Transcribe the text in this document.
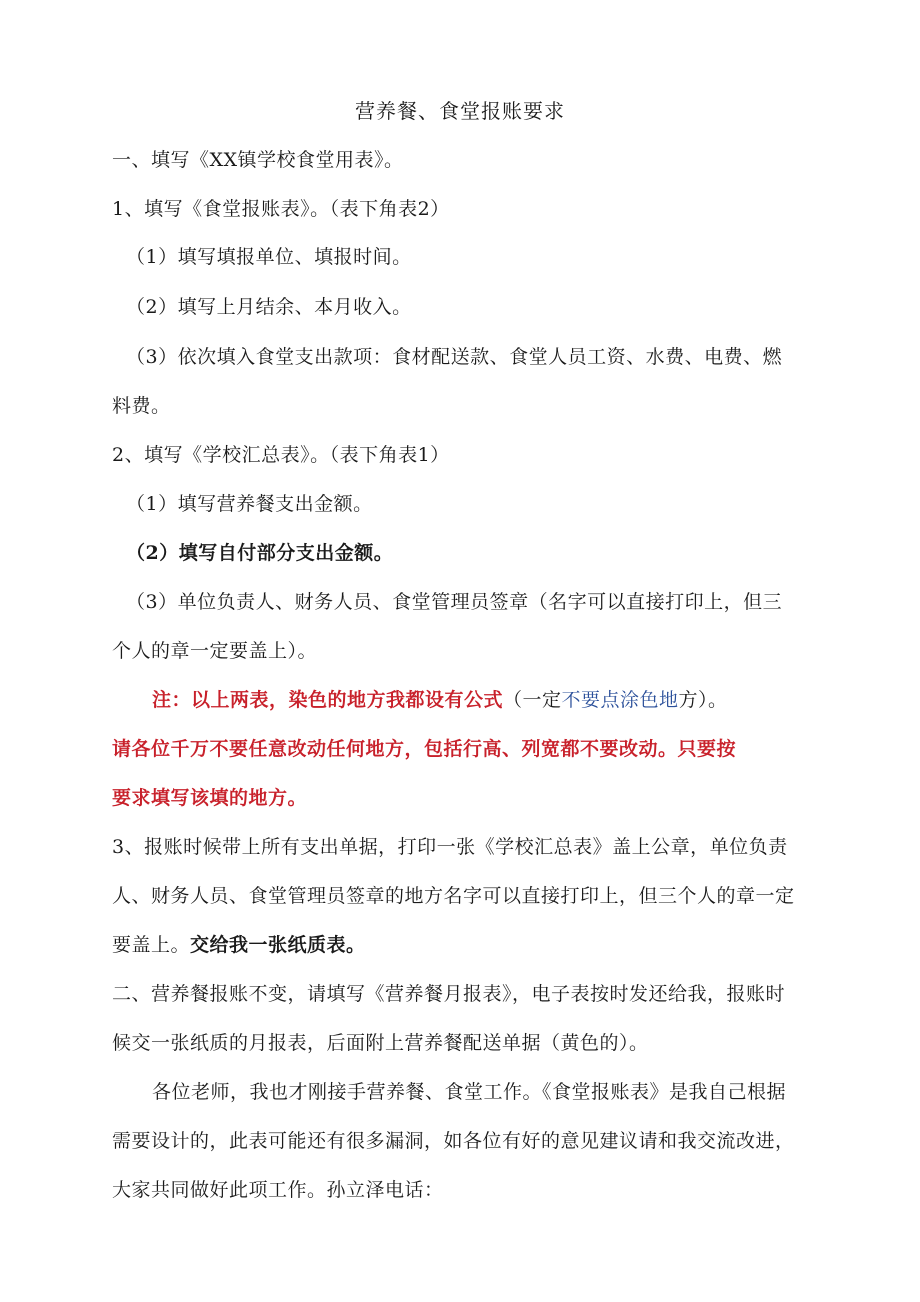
营养餐、食堂报账要求
一、填写《XX镇学校食堂用表》。
1、填写《食堂报账表》。（表下角表2）
（1）填写填报单位、填报时间。
（2）填写上月结余、本月收入。
（3）依次填入食堂支出款项：食材配送款、食堂人员工资、水费、电费、燃
料费。
2、填写《学校汇总表》。（表下角表1）
（1）填写营养餐支出金额。
（2）填写自付部分支出金额。
（3）单位负责人、财务人员、食堂管理员签章（名字可以直接打印上，但三
个人的章一定要盖上）。
注：以上两表，染色的地方我都设有公式（一定不要点涂色地方）。
请各位千万不要任意改动任何地方，包括行高、列宽都不要改动。只要按
要求填写该填的地方。
3、报账时候带上所有支出单据，打印一张《学校汇总表》盖上公章，单位负责
人、财务人员、食堂管理员签章的地方名字可以直接打印上，但三个人的章一定
要盖上。交给我一张纸质表。
二、营养餐报账不变，请填写《营养餐月报表》，电子表按时发还给我，报账时
候交一张纸质的月报表，后面附上营养餐配送单据（黄色的）。
各位老师，我也才刚接手营养餐、食堂工作。《食堂报账表》是我自己根据
需要设计的，此表可能还有很多漏洞，如各位有好的意见建议请和我交流改进，
大家共同做好此项工作。孙立泽电话：
